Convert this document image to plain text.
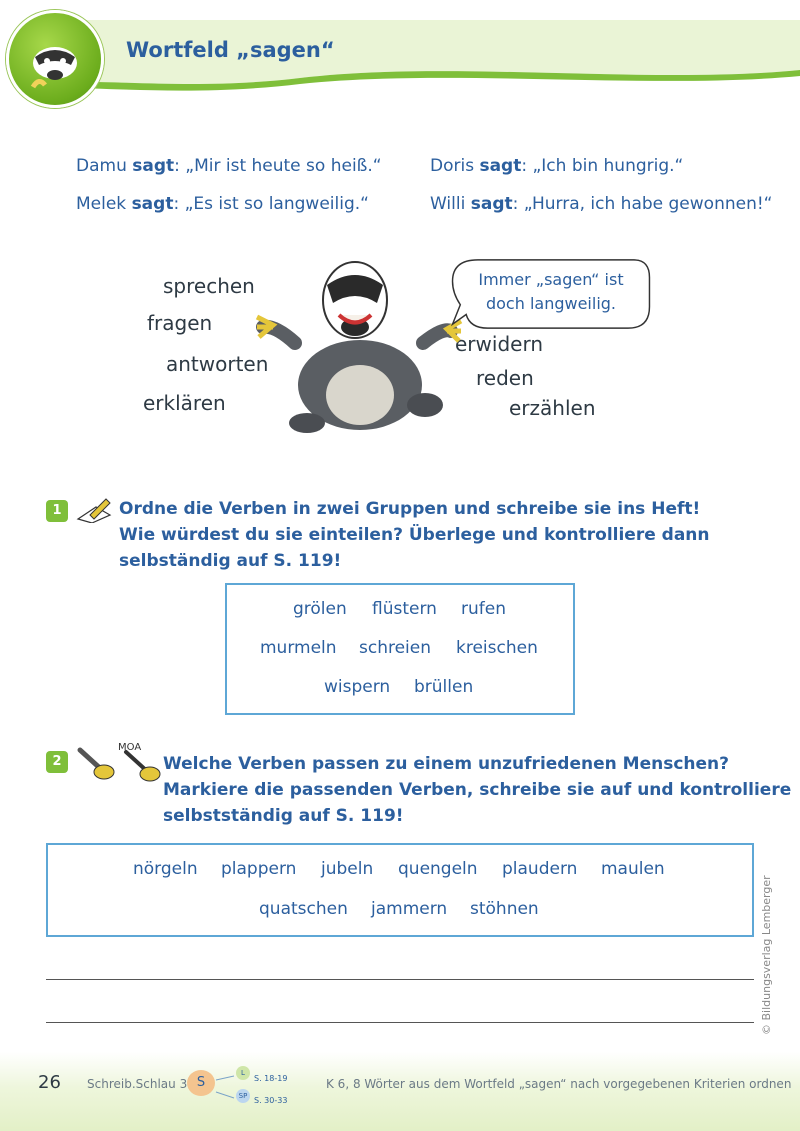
Wortfeld „sagen“
Damu sagt: „Mir ist heute so heiß.“	Doris sagt: „Ich bin hungrig.“
Melek sagt: „Es ist so langweilig.“	Willi sagt: „Hurra, ich habe gewonnen!“
sprechen
fragen
antworten
erklären
erwidern
reden
erzählen
Immer „sagen“ ist
doch langweilig.
1	Ordne die Verben in zwei Gruppen und schreibe sie ins Heft!
Wie würdest du sie einteilen? Überlege und kontrolliere dann
selbständig auf S. 119!
grölen flüstern rufen
murmeln schreien kreischen
wispern brüllen
2
MOA
Welche Verben passen zu einem unzufriedenen Menschen?
Markiere die passenden Verben, schreibe sie auf und kontrolliere
selbstständig auf S. 119!
nörgeln plappern jubeln quengeln plaudern maulen
quatschen jammern stöhnen	© Bildungsverlag Lemberger
26 Schreib.Schlau 3 S
L
S. 18-19
SP S. 30-33
K 6, 8 Wörter aus dem Wortfeld „sagen“ nach vorgegebenen Kriterien ordnen
